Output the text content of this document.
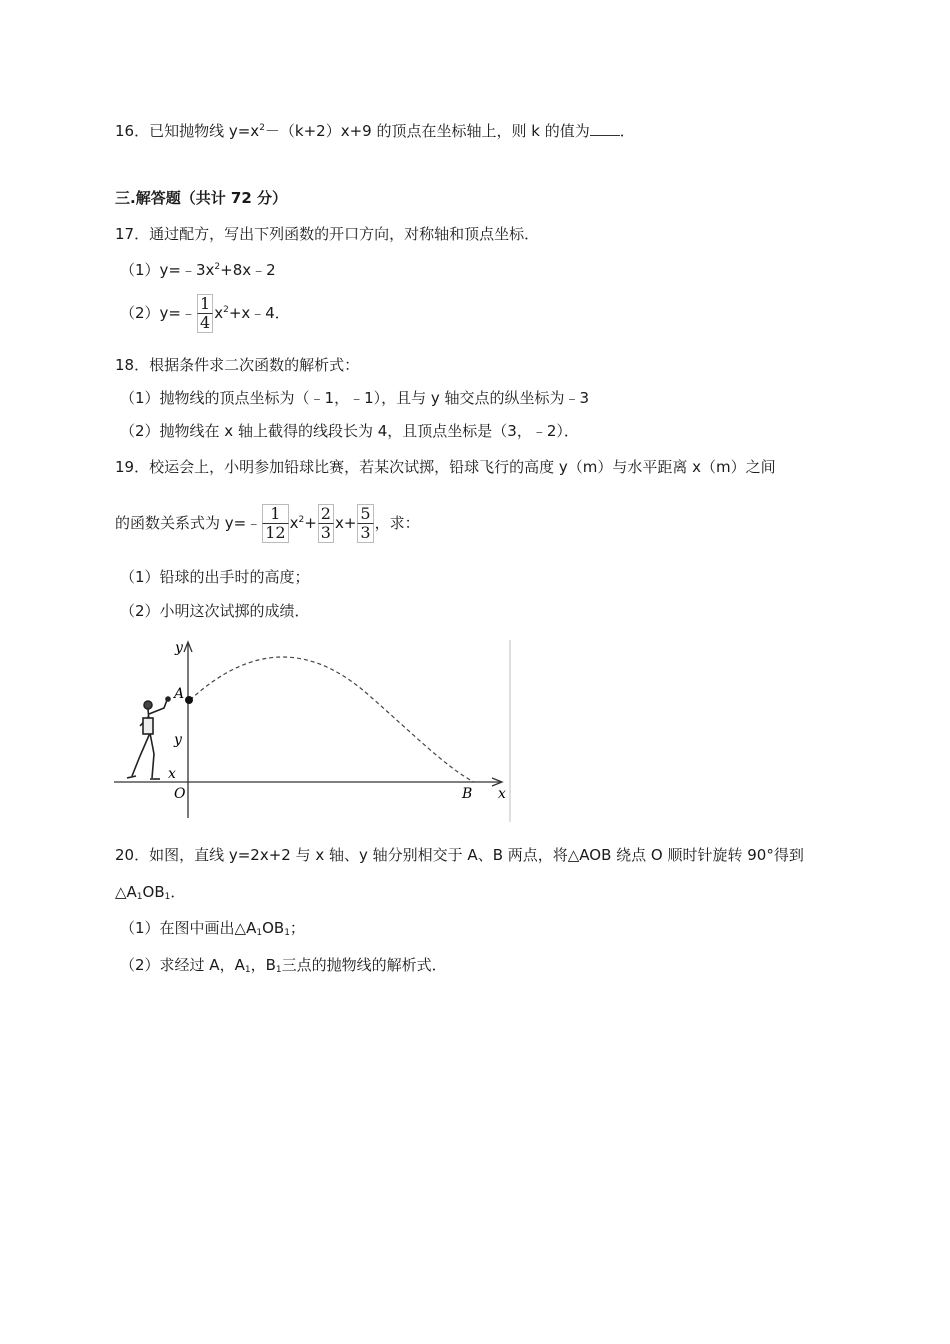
16．已知抛物线 $y=x^2-(k+2)x+9$ 的顶点在坐标轴上，则 k 的值为 ．
三.解答题（共计 72 分）
17．通过配方，写出下列函数的开口方向，对称轴和顶点坐标．
$(1)y=﹣3x^2+8x﹣2$
（2）y=﹣ $\frac{1}{4}$ $x^2+x﹣4$．
18．根据条件求二次函数的解析式：
（1）抛物线的顶点坐标为（﹣1，﹣1），且与 y 轴交点的纵坐标为﹣3
（2）抛物线在 x 轴上截得的线段长为 4，且顶点坐标是（3，﹣2）．
19．校运会上，小明参加铅球比赛，若某次试掷，铅球飞行的高度 y（m）与水平距离 x（m）之间
的函数关系式为 y=﹣ $\frac{1}{12} x^2+ \frac{2}{3} x+ \frac{5}{3}$ ，求：
（1）铅球的出手时的高度；
（2）小明这次试掷的成绩．
y
x
A
y
x
O	B
20．如图，直线 y=2x+2 与 x 轴、y 轴分别相交于 A、B 两点，将△AOB 绕点 O 顺时针旋转 90°得到
$\triangle A_1OB_1$．
（1）在图中画出$\triangle A_1OB_1$；
（2）求经过 A，$A_1$，$B_1$三点的抛物线的解析式．
